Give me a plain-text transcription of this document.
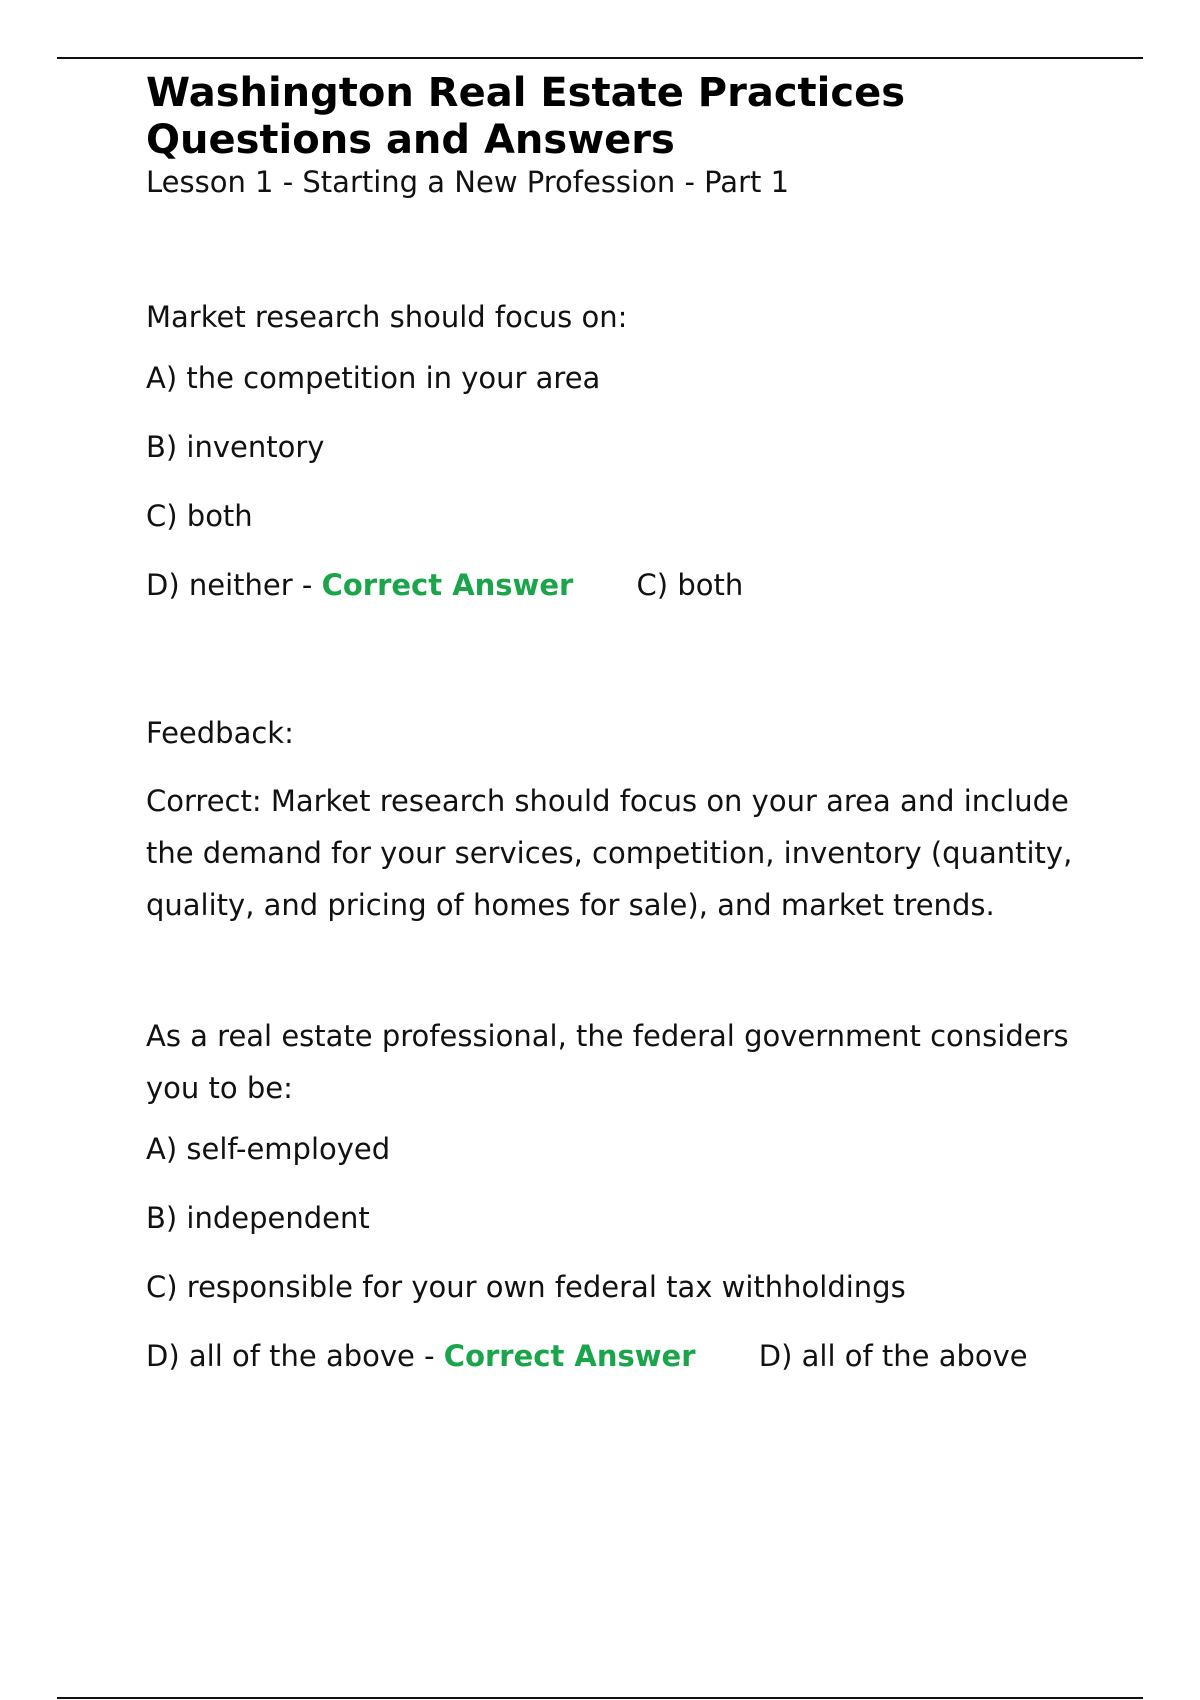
Washington Real Estate Practices
Questions and Answers

Lesson 1 - Starting a New Profession - Part 1

Market research should focus on:

A) the competition in your area

B) inventory

C) both

D) neither - Correct Answer C) both

Feedback:

Correct: Market research should focus on your area and include the demand for your services, competition, inventory (quantity, quality, and pricing of homes for sale), and market trends.

As a real estate professional, the federal government considers you to be:

A) self-employed

B) independent

C) responsible for your own federal tax withholdings

D) all of the above - Correct Answer D) all of the above
